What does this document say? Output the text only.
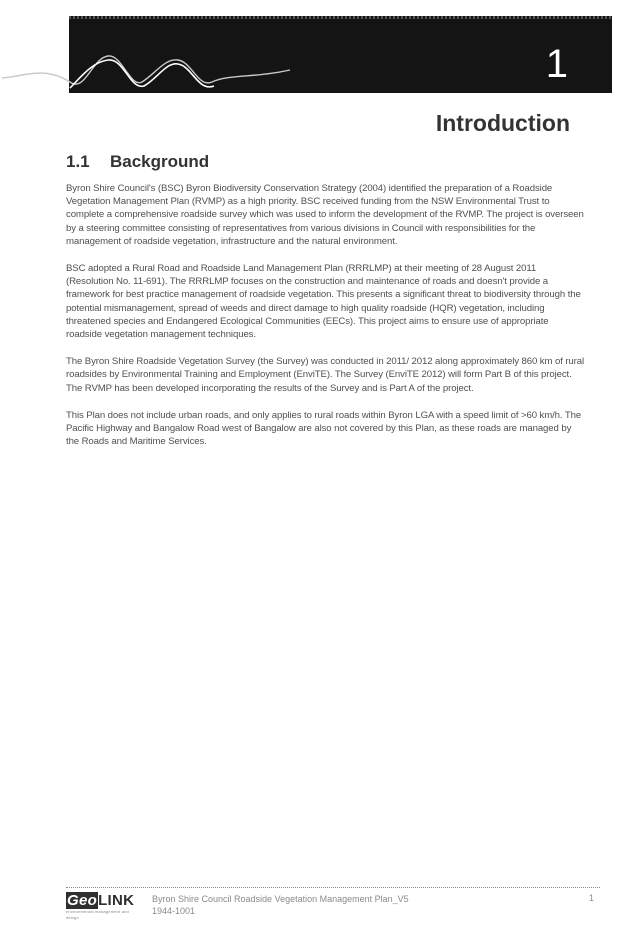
1
Introduction
1.1 Background

Byron Shire Council's (BSC) Byron Biodiversity Conservation Strategy (2004) identified the preparation of a Roadside Vegetation Management Plan (RVMP) as a high priority. BSC received funding from the NSW Environmental Trust to complete a comprehensive roadside survey which was used to inform the development of the RVMP. The project is overseen by a steering committee consisting of representatives from various divisions in Council with responsibilities for the management of roadside vegetation, infrastructure and the natural environment.

BSC adopted a Rural Road and Roadside Land Management Plan (RRRLMP) at their meeting of 28 August 2011 (Resolution No. 11-691). The RRRLMP focuses on the construction and maintenance of roads and doesn't provide a framework for best practice management of roadside vegetation. This presents a significant threat to biodiversity through the potential mismanagement, spread of weeds and direct damage to high quality roadside (HQR) vegetation, including threatened species and Endangered Ecological Communities (EECs). This project aims to ensure use of appropriate roadside vegetation management techniques.

The Byron Shire Roadside Vegetation Survey (the Survey) was conducted in 2011/ 2012 along approximately 860 km of rural roadsides by Environmental Training and Employment (EnviTE). The Survey (EnviTE 2012) will form Part B of this project. The RVMP has been developed incorporating the results of the Survey and is Part A of the project.

This Plan does not include urban roads, and only applies to rural roads within Byron LGA with a speed limit of >60 km/h. The Pacific Highway and Bangalow Road west of Bangalow are also not covered by this Plan, as these roads are managed by the Roads and Maritime Services.

GeoLINK
environmental management and design
Byron Shire Council Roadside Vegetation Management Plan_V5
1944-1001
1
